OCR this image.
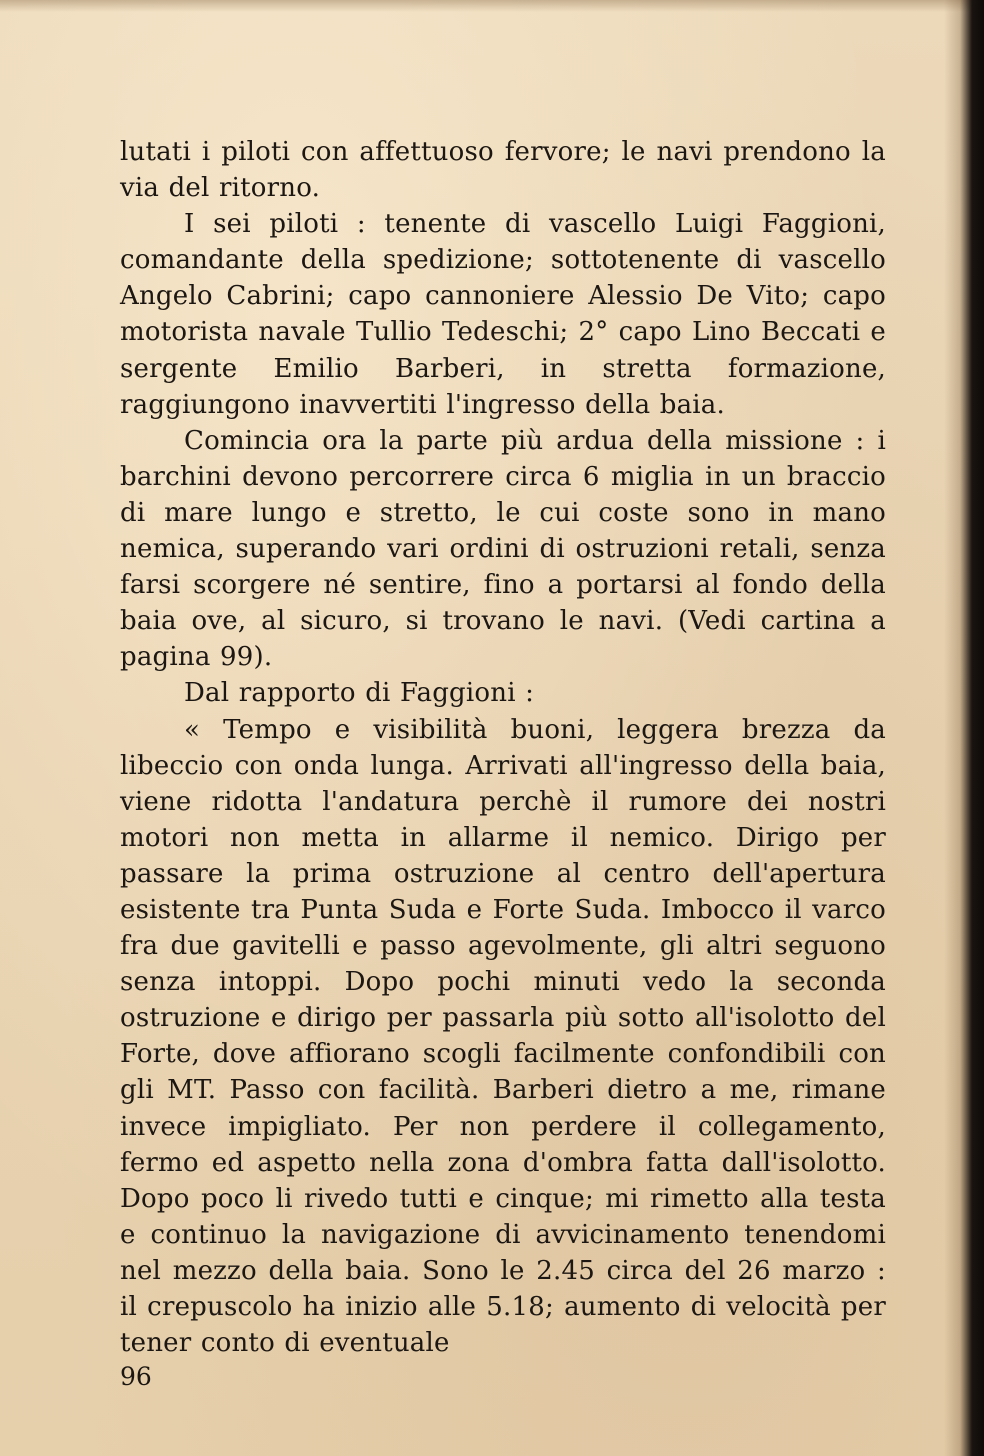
lutati i piloti con affettuoso fervore; le navi prendono la via del ritorno.

I sei piloti : tenente di vascello Luigi Faggioni, comandante della spedizione; sottotenente di vascello Angelo Cabrini; capo cannoniere Alessio De Vito; capo motorista navale Tullio Tedeschi; 2° capo Lino Beccati e sergente Emilio Barberi, in stretta formazione, raggiungono inavvertiti l'ingresso della baia.

Comincia ora la parte più ardua della missione : i barchini devono percorrere circa 6 miglia in un braccio di mare lungo e stretto, le cui coste sono in mano nemica, superando vari ordini di ostruzioni retali, senza farsi scorgere né sentire, fino a portarsi al fondo della baia ove, al sicuro, si trovano le navi. (Vedi cartina a pagina 99).

Dal rapporto di Faggioni :

« Tempo e visibilità buoni, leggera brezza da libeccio con onda lunga. Arrivati all'ingresso della baia, viene ridotta l'andatura perchè il rumore dei nostri motori non metta in allarme il nemico. Dirigo per passare la prima ostruzione al centro dell'apertura esistente tra Punta Suda e Forte Suda. Imbocco il varco fra due gavitelli e passo agevolmente, gli altri seguono senza intoppi. Dopo pochi minuti vedo la seconda ostruzione e dirigo per passarla più sotto all'isolotto del Forte, dove affiorano scogli facilmente confondibili con gli MT. Passo con facilità. Barberi dietro a me, rimane invece impigliato. Per non perdere il collegamento, fermo ed aspetto nella zona d'ombra fatta dall'isolotto. Dopo poco li rivedo tutti e cinque; mi rimetto alla testa e continuo la navigazione di avvicinamento tenendomi nel mezzo della baia. Sono le 2.45 circa del 26 marzo : il crepuscolo ha inizio alle 5.18; aumento di velocità per tener conto di eventuale

96
